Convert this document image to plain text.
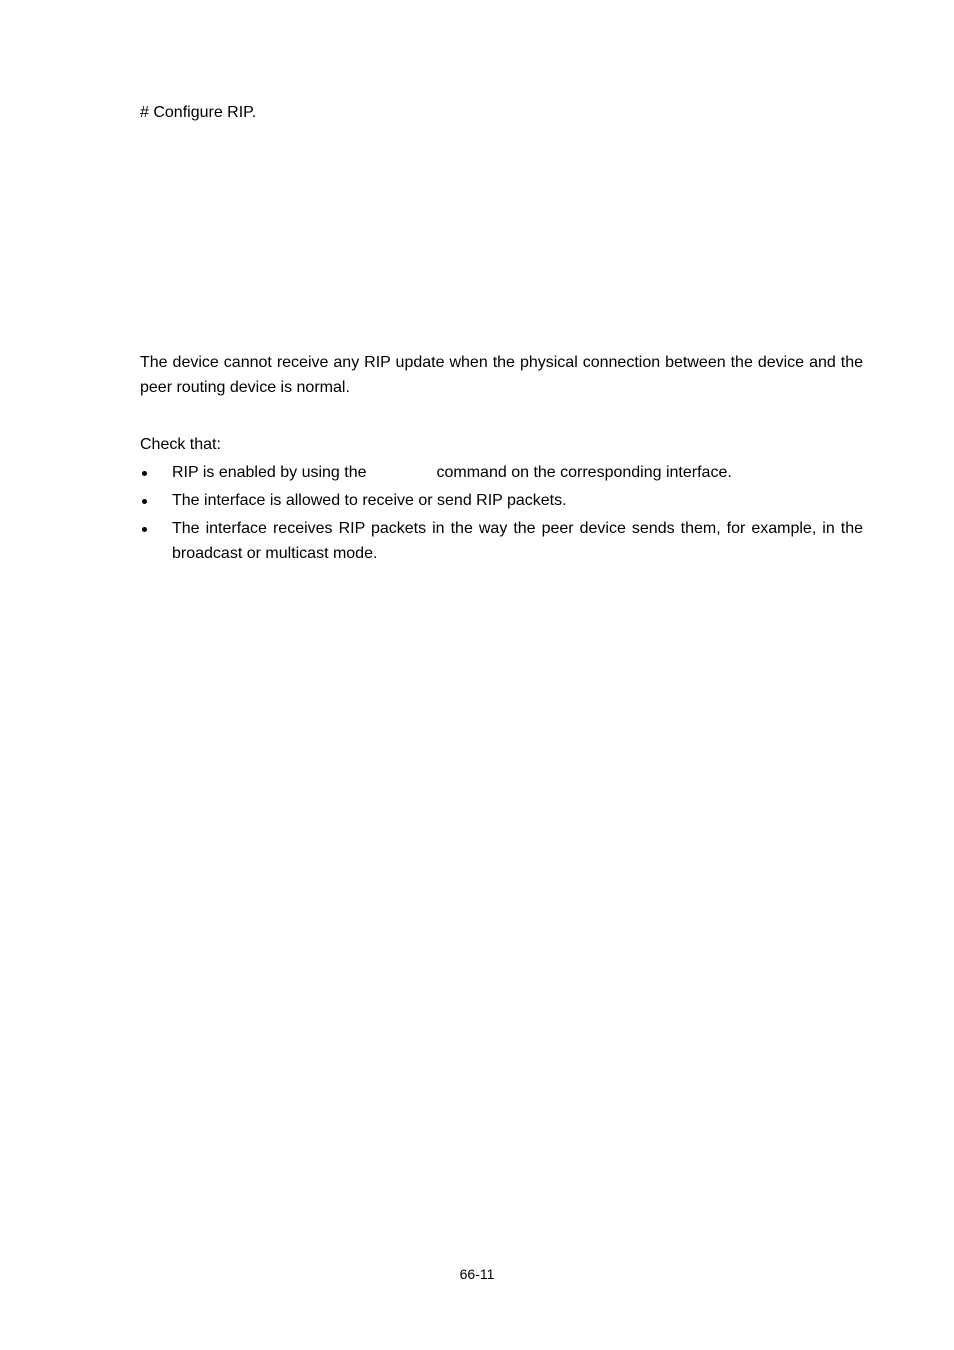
# Configure RIP.
The device cannot receive any RIP update when the physical connection between the device and the peer routing device is normal.
Check that:
RIP is enabled by using the	command on the corresponding interface.
The interface is allowed to receive or send RIP packets.
The interface receives RIP packets in the way the peer device sends them, for example, in the broadcast or multicast mode.
66-11
